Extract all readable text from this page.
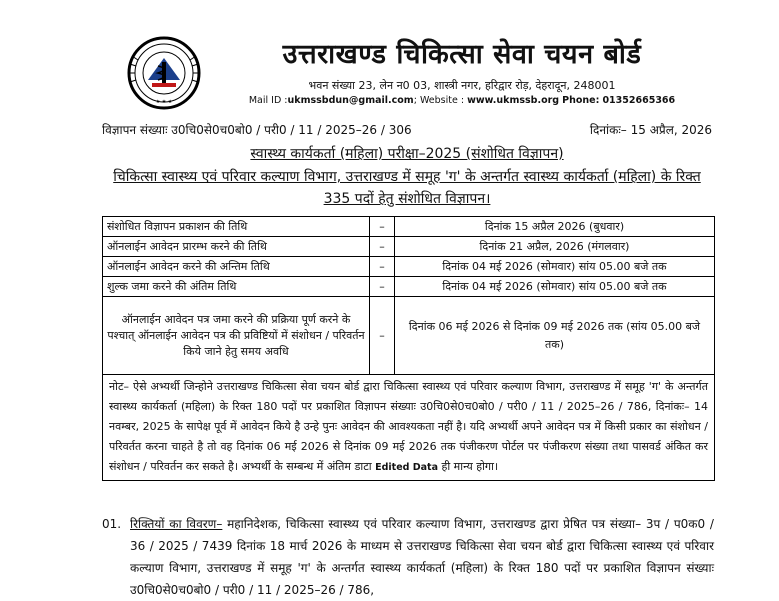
★ ★ ★
उत्तराखण्ड चिकित्सा सेवा चयन बोर्ड
भवन संख्या 23, लेन न0 03, शास्त्री नगर, हरिद्वार रोड़, देहरादून, 248001
Mail ID :ukmssbdun@gmail.com; Website : www.ukmssb.org Phone: 01352665366
विज्ञापन संख्याः उ0चि0से0च0बो0 / परी0 / 11 / 2025–26 / 306	दिनांकः– 15 अप्रैल, 2026
स्वास्थ्य कार्यकर्ता (महिला) परीक्षा–2025 (संशोधित विज्ञापन)
चिकित्सा स्वास्थ्य एवं परिवार कल्याण विभाग, उत्तराखण्ड में समूह 'ग' के अन्तर्गत स्वास्थ्य कार्यकर्ता (महिला) के रिक्त 335 पदों हेतु संशोधित विज्ञापन।
संशोधित विज्ञापन प्रकाशन की तिथि	–	दिनांक 15 अप्रैल 2026 (बुधवार)
ऑनलाईन आवेदन प्रारम्भ करने की तिथि	–	दिनांक 21 अप्रैल, 2026 (मंगलवार)
ऑनलाईन आवेदन करने की अन्तिम तिथि	–	दिनांक 04 मई 2026 (सोमवार) सांय 05.00 बजे तक
शुल्क जमा करने की अंतिम तिथि	–	दिनांक 04 मई 2026 (सोमवार) सांय 05.00 बजे तक
ऑनलाईन आवेदन पत्र जमा करने की प्रक्रिया पूर्ण करने के पश्चात् ऑनलाईन आवेदन पत्र की प्रविष्टियों में संशोधन / परिवर्तन किये जाने हेतु समय अवधि	–	दिनांक 06 मई 2026 से दिनांक 09 मई 2026 तक (सांय 05.00 बजे तक)
नोट– ऐसे अभ्यर्थी जिन्होने उत्तराखण्ड चिकित्सा सेवा चयन बोर्ड द्वारा चिकित्सा स्वास्थ्य एवं परिवार कल्याण विभाग, उत्तराखण्ड में समूह 'ग' के अन्तर्गत स्वास्थ्य कार्यकर्ता (महिला) के रिक्त 180 पदों पर प्रकाशित विज्ञापन संख्याः उ0चि0से0च0बो0 / परी0 / 11 / 2025–26 / 786, दिनांकः– 14 नवम्बर, 2025 के सापेक्ष पूर्व में आवेदन किये है उन्हे पुनः आवेदन की आवश्यकता नहीं है। यदि अभ्यर्थी अपने आवेदन पत्र में किसी प्रकार का संशोधन / परिवर्तत करना चाहते है तो वह दिनांक 06 मई 2026 से दिनांक 09 मई 2026 तक पंजीकरण पोर्टल पर पंजीकरण संख्या तथा पासवर्ड अंकित कर संशोधन / परिवर्तन कर सकते है। अभ्यर्थी के सम्बन्ध में अंतिम डाटा Edited Data ही मान्य होगा।		
01. रिक्तियों का विवरण– महानिदेशक, चिकित्सा स्वास्थ्य एवं परिवार कल्याण विभाग, उत्तराखण्ड द्वारा प्रेषित पत्र संख्या– 3प / प0क0 / 36 / 2025 / 7439 दिनांक 18 मार्च 2026 के माध्यम से उत्तराखण्ड चिकित्सा सेवा चयन बोर्ड द्वारा चिकित्सा स्वास्थ्य एवं परिवार कल्याण विभाग, उत्तराखण्ड में समूह 'ग' के अन्तर्गत स्वास्थ्य कार्यकर्ता (महिला) के रिक्त 180 पदों पर प्रकाशित विज्ञापन संख्याः उ0चि0से0च0बो0 / परी0 / 11 / 2025–26 / 786,
